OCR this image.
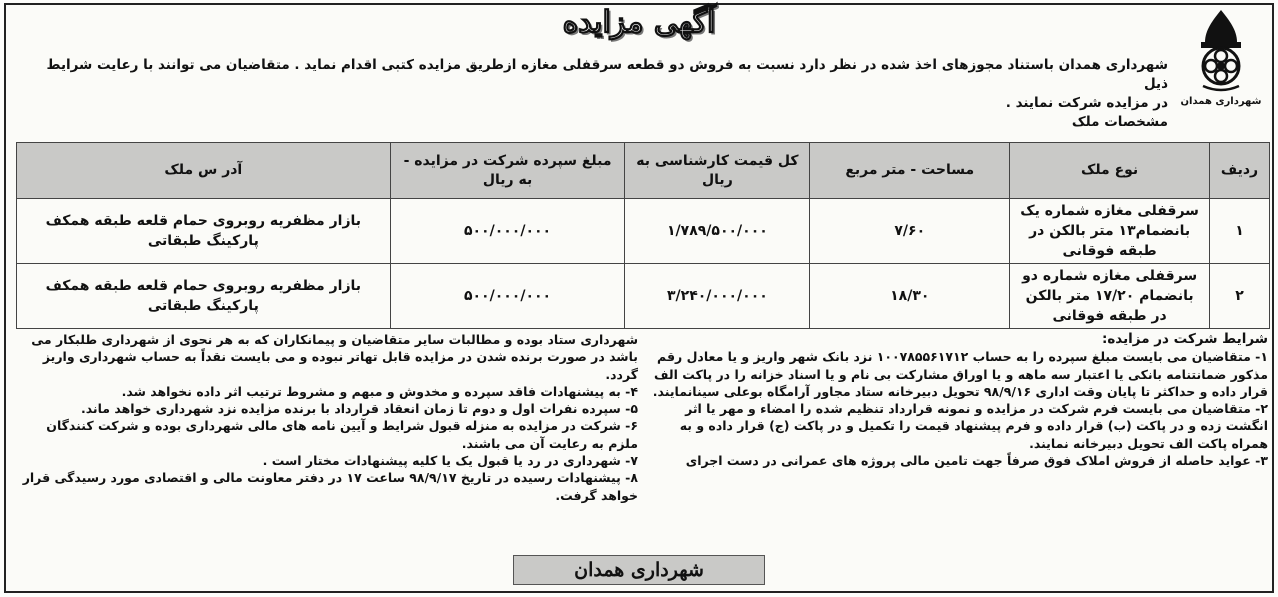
آگهی مزایده
شهرداری همدان

شهرداری همدان باستناد مجوزهای اخذ شده در نظر دارد نسبت به فروش دو قطعه سرقفلی مغازه ازطریق مزایده کتبی اقدام نماید . متقاضیان می توانند با رعایت شرایط ذیل

در مزایده شرکت نمایند .

مشخصات ملک

ردیف	نوع ملک	مساحت - متر مربع	کل قیمت کارشناسی به ریال	مبلغ سپرده شرکت در مزایده - به ریال	آدر س ملک
۱	سرقفلی مغازه شماره یک بانضمام۱۳ متر بالکن در طبقه فوقانی	۷/۶۰	۱/۷۸۹/۵۰۰/۰۰۰	۵۰۰/۰۰۰/۰۰۰	بازار مظفریه روبروی حمام قلعه طبقه همکف پارکینگ طبقاتی
۲	سرقفلی مغازه شماره دو بانضمام ۱۷/۲۰ متر بالکن در طبقه فوقانی	۱۸/۳۰	۳/۲۴۰/۰۰۰/۰۰۰	۵۰۰/۰۰۰/۰۰۰	بازار مظفریه روبروی حمام قلعه طبقه همکف پارکینگ طبقاتی
شرایط شرکت در مزایده:
۱- متقاضیان می بایست مبلغ سپرده را به حساب ۱۰۰۷۸۵۵۶۱۷۱۲ نزد بانک شهر واریز و یا معادل رقم مذکور ضمانتنامه بانکی یا اعتبار سه ماهه و یا اوراق مشارکت بی نام و یا اسناد خزانه را در پاکت الف قرار داده و حداکثر تا پایان وقت اداری ۹۸/۹/۱۶ تحویل دبیرخانه ستاد مجاور آرامگاه بوعلی سینانمایند.
۲- متقاضیان می بایست فرم شرکت در مزایده و نمونه قرارداد تنظیم شده را امضاء و مهر یا اثر انگشت زده و در پاکت (ب) قرار داده و فرم پیشنهاد قیمت را تکمیل و در پاکت (ج) قرار داده و به همراه پاکت الف تحویل دبیرخانه نمایند.
۳- عواید حاصله از فروش املاک فوق صرفاً جهت تامین مالی پروژه های عمرانی در دست اجرای
شهرداری ستاد بوده و مطالبات سایر متقاضیان و پیمانکاران که به هر نحوی از شهرداری طلبکار می باشد در صورت برنده شدن در مزایده قابل تهاتر نبوده و می بایست نقداً به حساب شهرداری واریز گردد.
۴- به پیشنهادات فاقد سپرده و مخدوش و مبهم و مشروط ترتیب اثر داده نخواهد شد.
۵- سپرده نفرات اول و دوم تا زمان انعقاد قرارداد با برنده مزایده نزد شهرداری خواهد ماند.
۶- شرکت در مزایده به منزله قبول شرایط و آیین نامه های مالی شهرداری بوده و شرکت کنندگان ملزم به رعایت آن می باشند.
۷- شهرداری در رد یا قبول یک یا کلیه پیشنهادات مختار است .
۸- پیشنهادات رسیده در تاریخ ۹۸/۹/۱۷ ساعت ۱۷ در دفتر معاونت مالی و اقتصادی مورد رسیدگی قرار خواهد گرفت.
شهرداری همدان
